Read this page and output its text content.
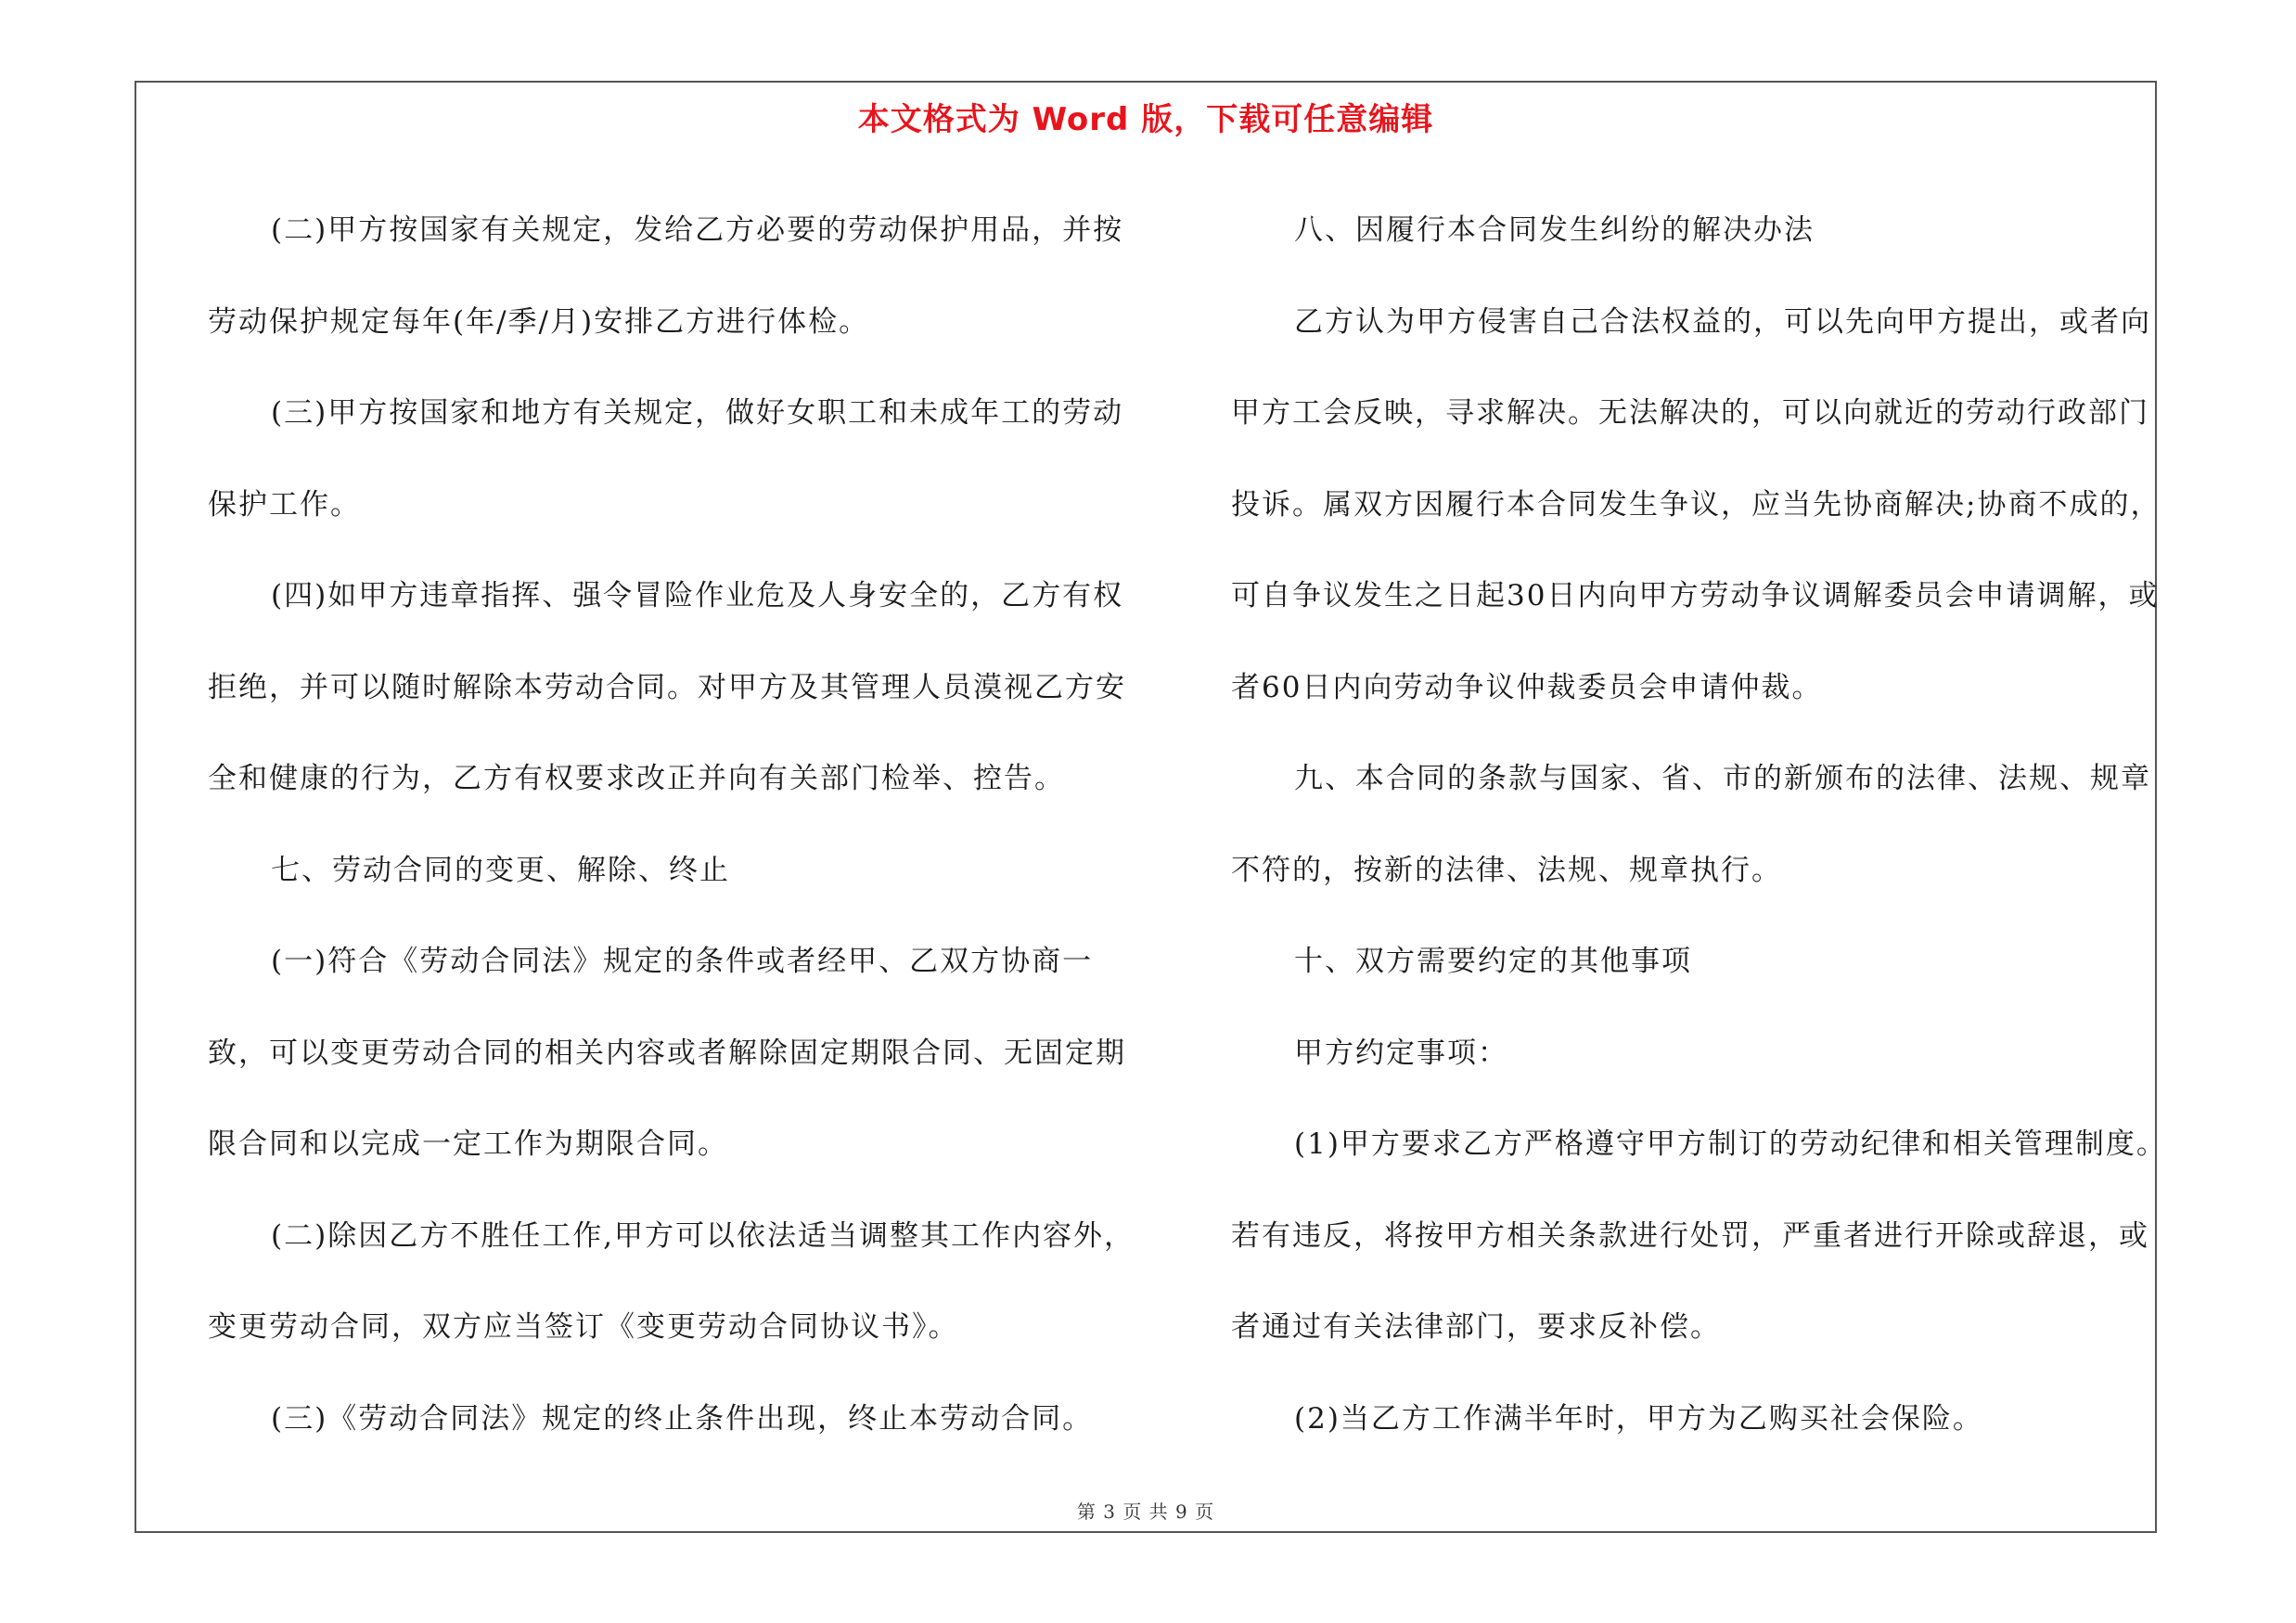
本文格式为 Word 版，下载可任意编辑

(二)甲方按国家有关规定，发给乙方必要的劳动保护用品，并按劳动保护规定每年(年/季/月)安排乙方进行体检。

(三)甲方按国家和地方有关规定，做好女职工和未成年工的劳动保护工作。

(四)如甲方违章指挥、强令冒险作业危及人身安全的，乙方有权拒绝，并可以随时解除本劳动合同。对甲方及其管理人员漠视乙方安全和健康的行为，乙方有权要求改正并向有关部门检举、控告。

七、劳动合同的变更、解除、终止

(一)符合《劳动合同法》规定的条件或者经甲、乙双方协商一致，可以变更劳动合同的相关内容或者解除固定期限合同、无固定期限合同和以完成一定工作为期限合同。

(二)除因乙方不胜任工作,甲方可以依法适当调整其工作内容外，变更劳动合同，双方应当签订《变更劳动合同协议书》。

(三)《劳动合同法》规定的终止条件出现，终止本劳动合同。

八、因履行本合同发生纠纷的解决办法

乙方认为甲方侵害自己合法权益的，可以先向甲方提出，或者向甲方工会反映，寻求解决。无法解决的，可以向就近的劳动行政部门投诉。属双方因履行本合同发生争议，应当先协商解决;协商不成的，可自争议发生之日起30日内向甲方劳动争议调解委员会申请调解，或者60日内向劳动争议仲裁委员会申请仲裁。

九、本合同的条款与国家、省、市的新颁布的法律、法规、规章不符的，按新的法律、法规、规章执行。

十、双方需要约定的其他事项

甲方约定事项：

(1)甲方要求乙方严格遵守甲方制订的劳动纪律和相关管理制度。若有违反，将按甲方相关条款进行处罚，严重者进行开除或辞退，或者通过有关法律部门，要求反补偿。

(2)当乙方工作满半年时，甲方为乙购买社会保险。

第 3 页 共 9 页
